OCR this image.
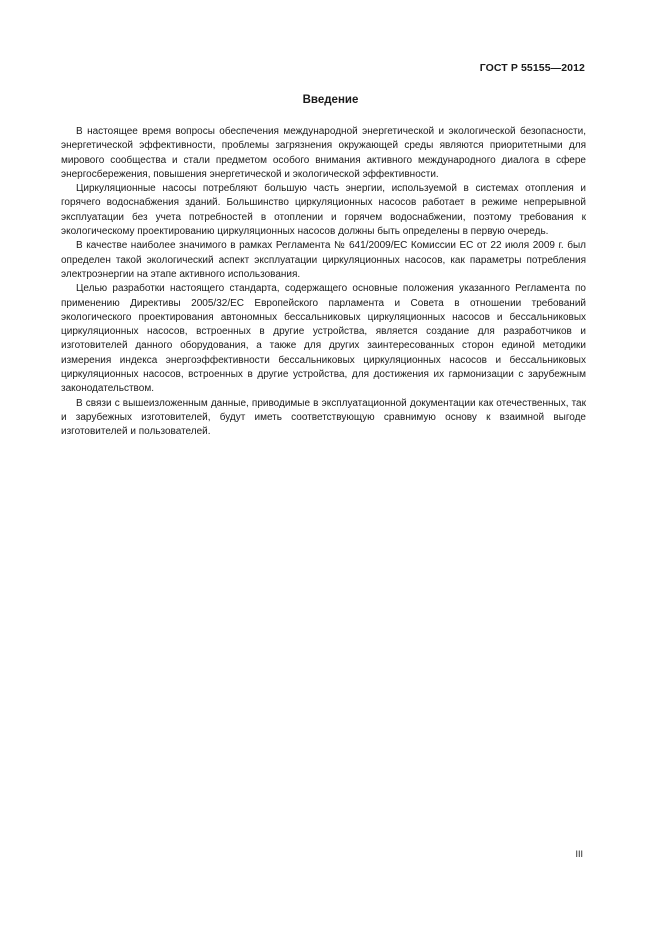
ГОСТ Р 55155—2012
Введение

В настоящее время вопросы обеспечения международной энергетической и экологической безопасности, энергетической эффективности, проблемы загрязнения окружающей среды являются приоритетными для мирового сообщества и стали предметом особого внимания активного международного диалога в сфере энергосбережения, повышения энергетической и экологической эффективности.

Циркуляционные насосы потребляют большую часть энергии, используемой в системах отопления и горячего водоснабжения зданий. Большинство циркуляционных насосов работает в режиме непрерывной эксплуатации без учета потребностей в отоплении и горячем водоснабжении, поэтому требования к экологическому проектированию циркуляционных насосов должны быть определены в первую очередь.

В качестве наиболее значимого в рамках Регламента № 641/2009/ЕС Комиссии ЕС от 22 июля 2009 г. был определен такой экологический аспект эксплуатации циркуляционных насосов, как параметры потребления электроэнергии на этапе активного использования.

Целью разработки настоящего стандарта, содержащего основные положения указанного Регламента по применению Директивы 2005/32/ЕС Европейского парламента и Совета в отношении требований экологического проектирования автономных бессальниковых циркуляционных насосов и бессальниковых циркуляционных насосов, встроенных в другие устройства, является создание для разработчиков и изготовителей данного оборудования, а также для других заинтересованных сторон единой методики измерения индекса энергоэффективности бессальниковых циркуляционных насосов и бессальниковых циркуляционных насосов, встроенных в другие устройства, для достижения их гармонизации с зарубежным законодательством.

В связи с вышеизложенным данные, приводимые в эксплуатационной документации как отечественных, так и зарубежных изготовителей, будут иметь соответствующую сравнимую основу к взаимной выгоде изготовителей и пользователей.

III
